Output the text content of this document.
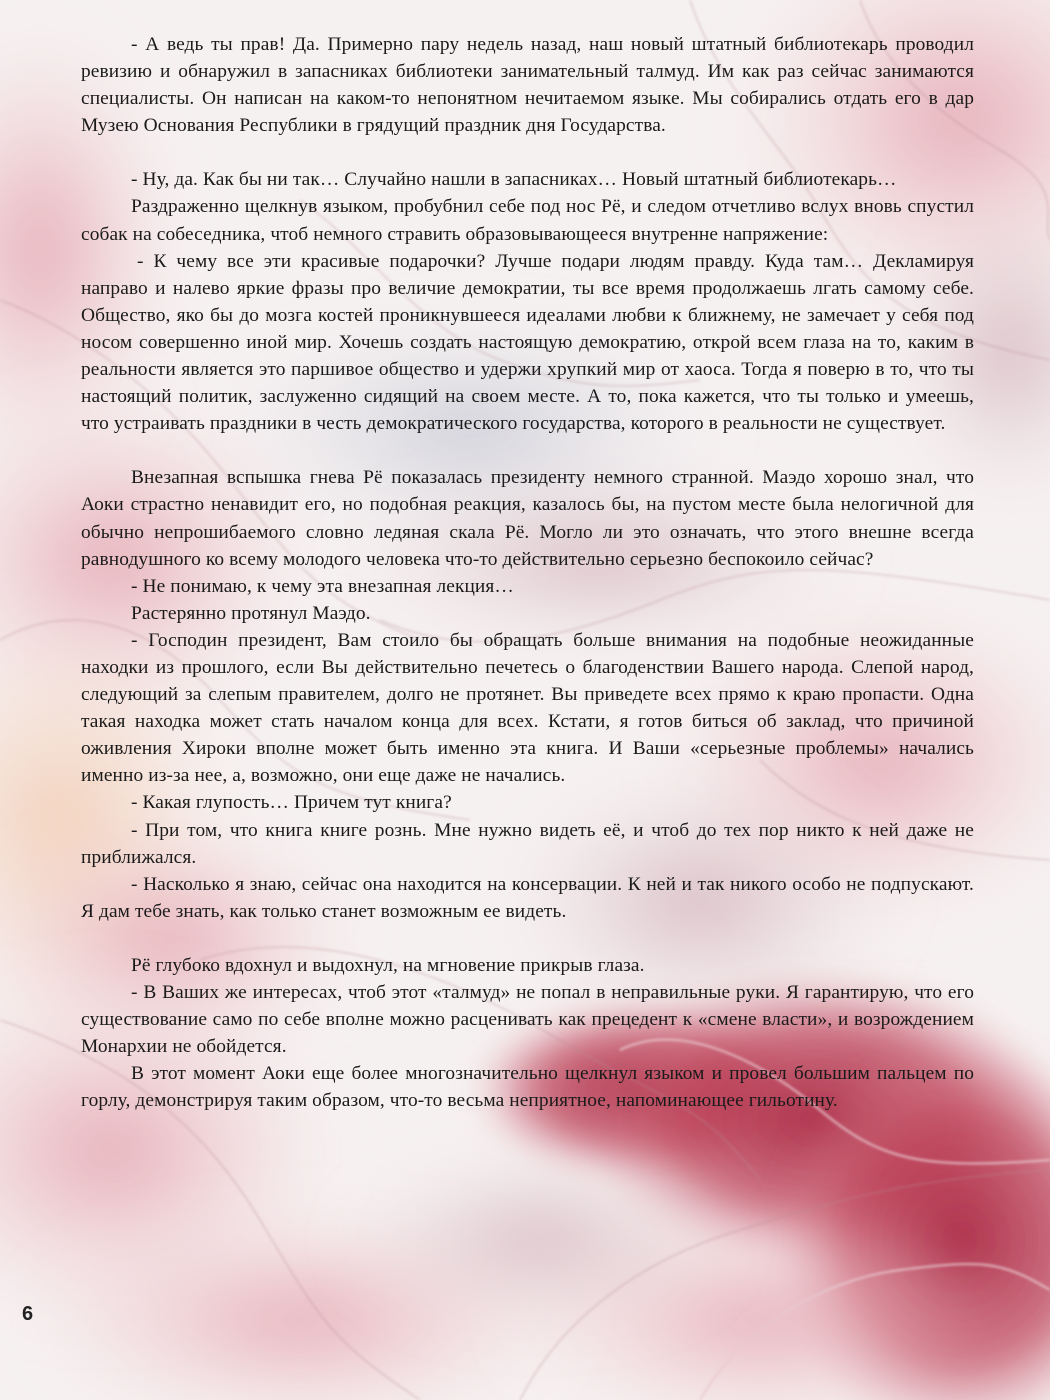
- А ведь ты прав! Да. Примерно пару недель назад, наш новый штатный библиотекарь проводил ревизию и обнаружил в запасниках библиотеки занимательный талмуд. Им как раз сейчас занимаются специалисты. Он написан на каком-то непонятном нечитаемом языке. Мы собирались отдать его в дар Музею Основания Республики в грядущий праздник дня Государства.

- Ну, да. Как бы ни так… Случайно нашли в запасниках… Новый штатный библиотекарь…

Раздраженно щелкнув языком, пробубнил себе под нос Рё, и следом отчетливо вслух вновь спустил собак на собеседника, чтоб немного стравить образовывающееся внутренне напряжение:

- К чему все эти красивые подарочки? Лучше подари людям правду. Куда там… Декламируя направо и налево яркие фразы про величие демократии, ты все время продолжаешь лгать самому себе. Общество, яко бы до мозга костей проникнувшееся идеалами любви к ближнему, не замечает у себя под носом совершенно иной мир. Хочешь создать настоящую демократию, открой всем глаза на то, каким в реальности является это паршивое общество и удержи хрупкий мир от хаоса. Тогда я поверю в то, что ты настоящий политик, заслуженно сидящий на своем месте. А то, пока кажется, что ты только и умеешь, что устраивать праздники в честь демократического государства, которого в реальности не существует.

Внезапная вспышка гнева Рё показалась президенту немного странной. Маэдо хорошо знал, что Аоки страстно ненавидит его, но подобная реакция, казалось бы, на пустом месте была нелогичной для обычно непрошибаемого словно ледяная скала Рё. Могло ли это означать, что этого внешне всегда равнодушного ко всему молодого человека что-то действительно серьезно беспокоило сейчас?

- Не понимаю, к чему эта внезапная лекция…

Растерянно протянул Маэдо.

- Господин президент, Вам стоило бы обращать больше внимания на подобные неожиданные находки из прошлого, если Вы действительно печетесь о благоденствии Вашего народа. Слепой народ, следующий за слепым правителем, долго не протянет. Вы приведете всех прямо к краю пропасти. Одна такая находка может стать началом конца для всех. Кстати, я готов биться об заклад, что причиной оживления Хироки вполне может быть именно эта книга. И Ваши «серьезные проблемы» начались именно из-за нее, а, возможно, они еще даже не начались.

- Какая глупость… Причем тут книга?

- При том, что книга книге рознь. Мне нужно видеть её, и чтоб до тех пор никто к ней даже не приближался.

- Насколько я знаю, сейчас она находится на консервации. К ней и так никого особо не подпускают. Я дам тебе знать, как только станет возможным ее видеть.

Рё глубоко вдохнул и выдохнул, на мгновение прикрыв глаза.

- В Ваших же интересах, чтоб этот «талмуд» не попал в неправильные руки. Я гарантирую, что его существование само по себе вполне можно расценивать как прецедент к «смене власти», и возрождением Монархии не обойдется.

В этот момент Аоки еще более многозначительно щелкнул языком и провел большим пальцем по горлу, демонстрируя таким образом, что-то весьма неприятное, напоминающее гильотину.

6
